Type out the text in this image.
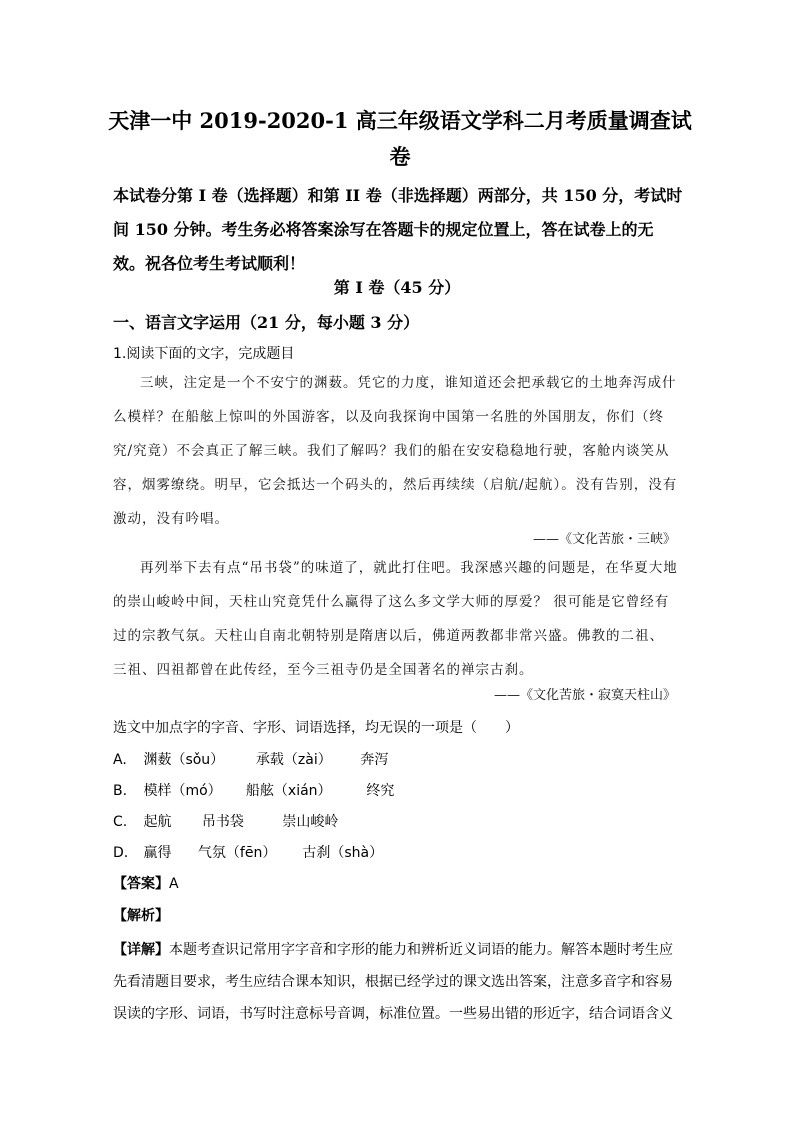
天津一中 2019-2020-1 高三年级语文学科二月考质量调查试
卷
本试卷分第 I 卷（选择题）和第 II 卷（非选择题）两部分，共 150 分，考试时间 150 分钟。考生务必将答案涂写在答题卡的规定位置上，答在试卷上的无效。祝各位考生考试顺利！
第 I 卷（45 分）
一、语言文字运用（21 分，每小题 3 分）
1.阅读下面的文字，完成题目
三峡，注定是一个不安宁的渊薮。凭它的力度，谁知道还会把承载它的土地奔泻成什么模样？在船舷上惊叫的外国游客，以及向我探询中国第一名胜的外国朋友，你们（终究/究竟）不会真正了解三峡。我们了解吗？我们的船在安安稳稳地行驶，客舱内谈笑从容，烟雾缭绕。明早，它会抵达一个码头的，然后再续续（启航/起航）。没有告别，没有激动，没有吟唱。
——《文化苦旅・三峡》
再列举下去有点“吊书袋”的味道了，就此打住吧。我深感兴趣的问题是，在华夏大地的崇山峻岭中间，天柱山究竟凭什么赢得了这么多文学大师的厚爱？ 很可能是它曾经有过的宗教气氛。天柱山自南北朝特别是隋唐以后，佛道两教都非常兴盛。佛教的二祖、三祖、四祖都曾在此传经，至今三祖寺仍是全国著名的禅宗古刹。
——《文化苦旅・寂寞天柱山》
选文中加点字的字音、字形、词语选择，均无误的一项是（　　）
A. 渊薮（sǒu） 承载（zài） 奔泻
B. 模样（mó） 船舷（xián） 终究
C. 起航 吊书袋	崇山峻岭
D. 赢得 气氛（fēn） 古刹（shà）
【答案】A
【解析】
【详解】本题考查识记常用字字音和字形的能力和辨析近义词语的能力。解答本题时考生应先看清题目要求，考生应结合课本知识，根据已经学过的课文选出答案，注意多音字和容易误读的字形、词语，书写时注意标号音调，标准位置。一些易出错的形近字，结合词语含义
